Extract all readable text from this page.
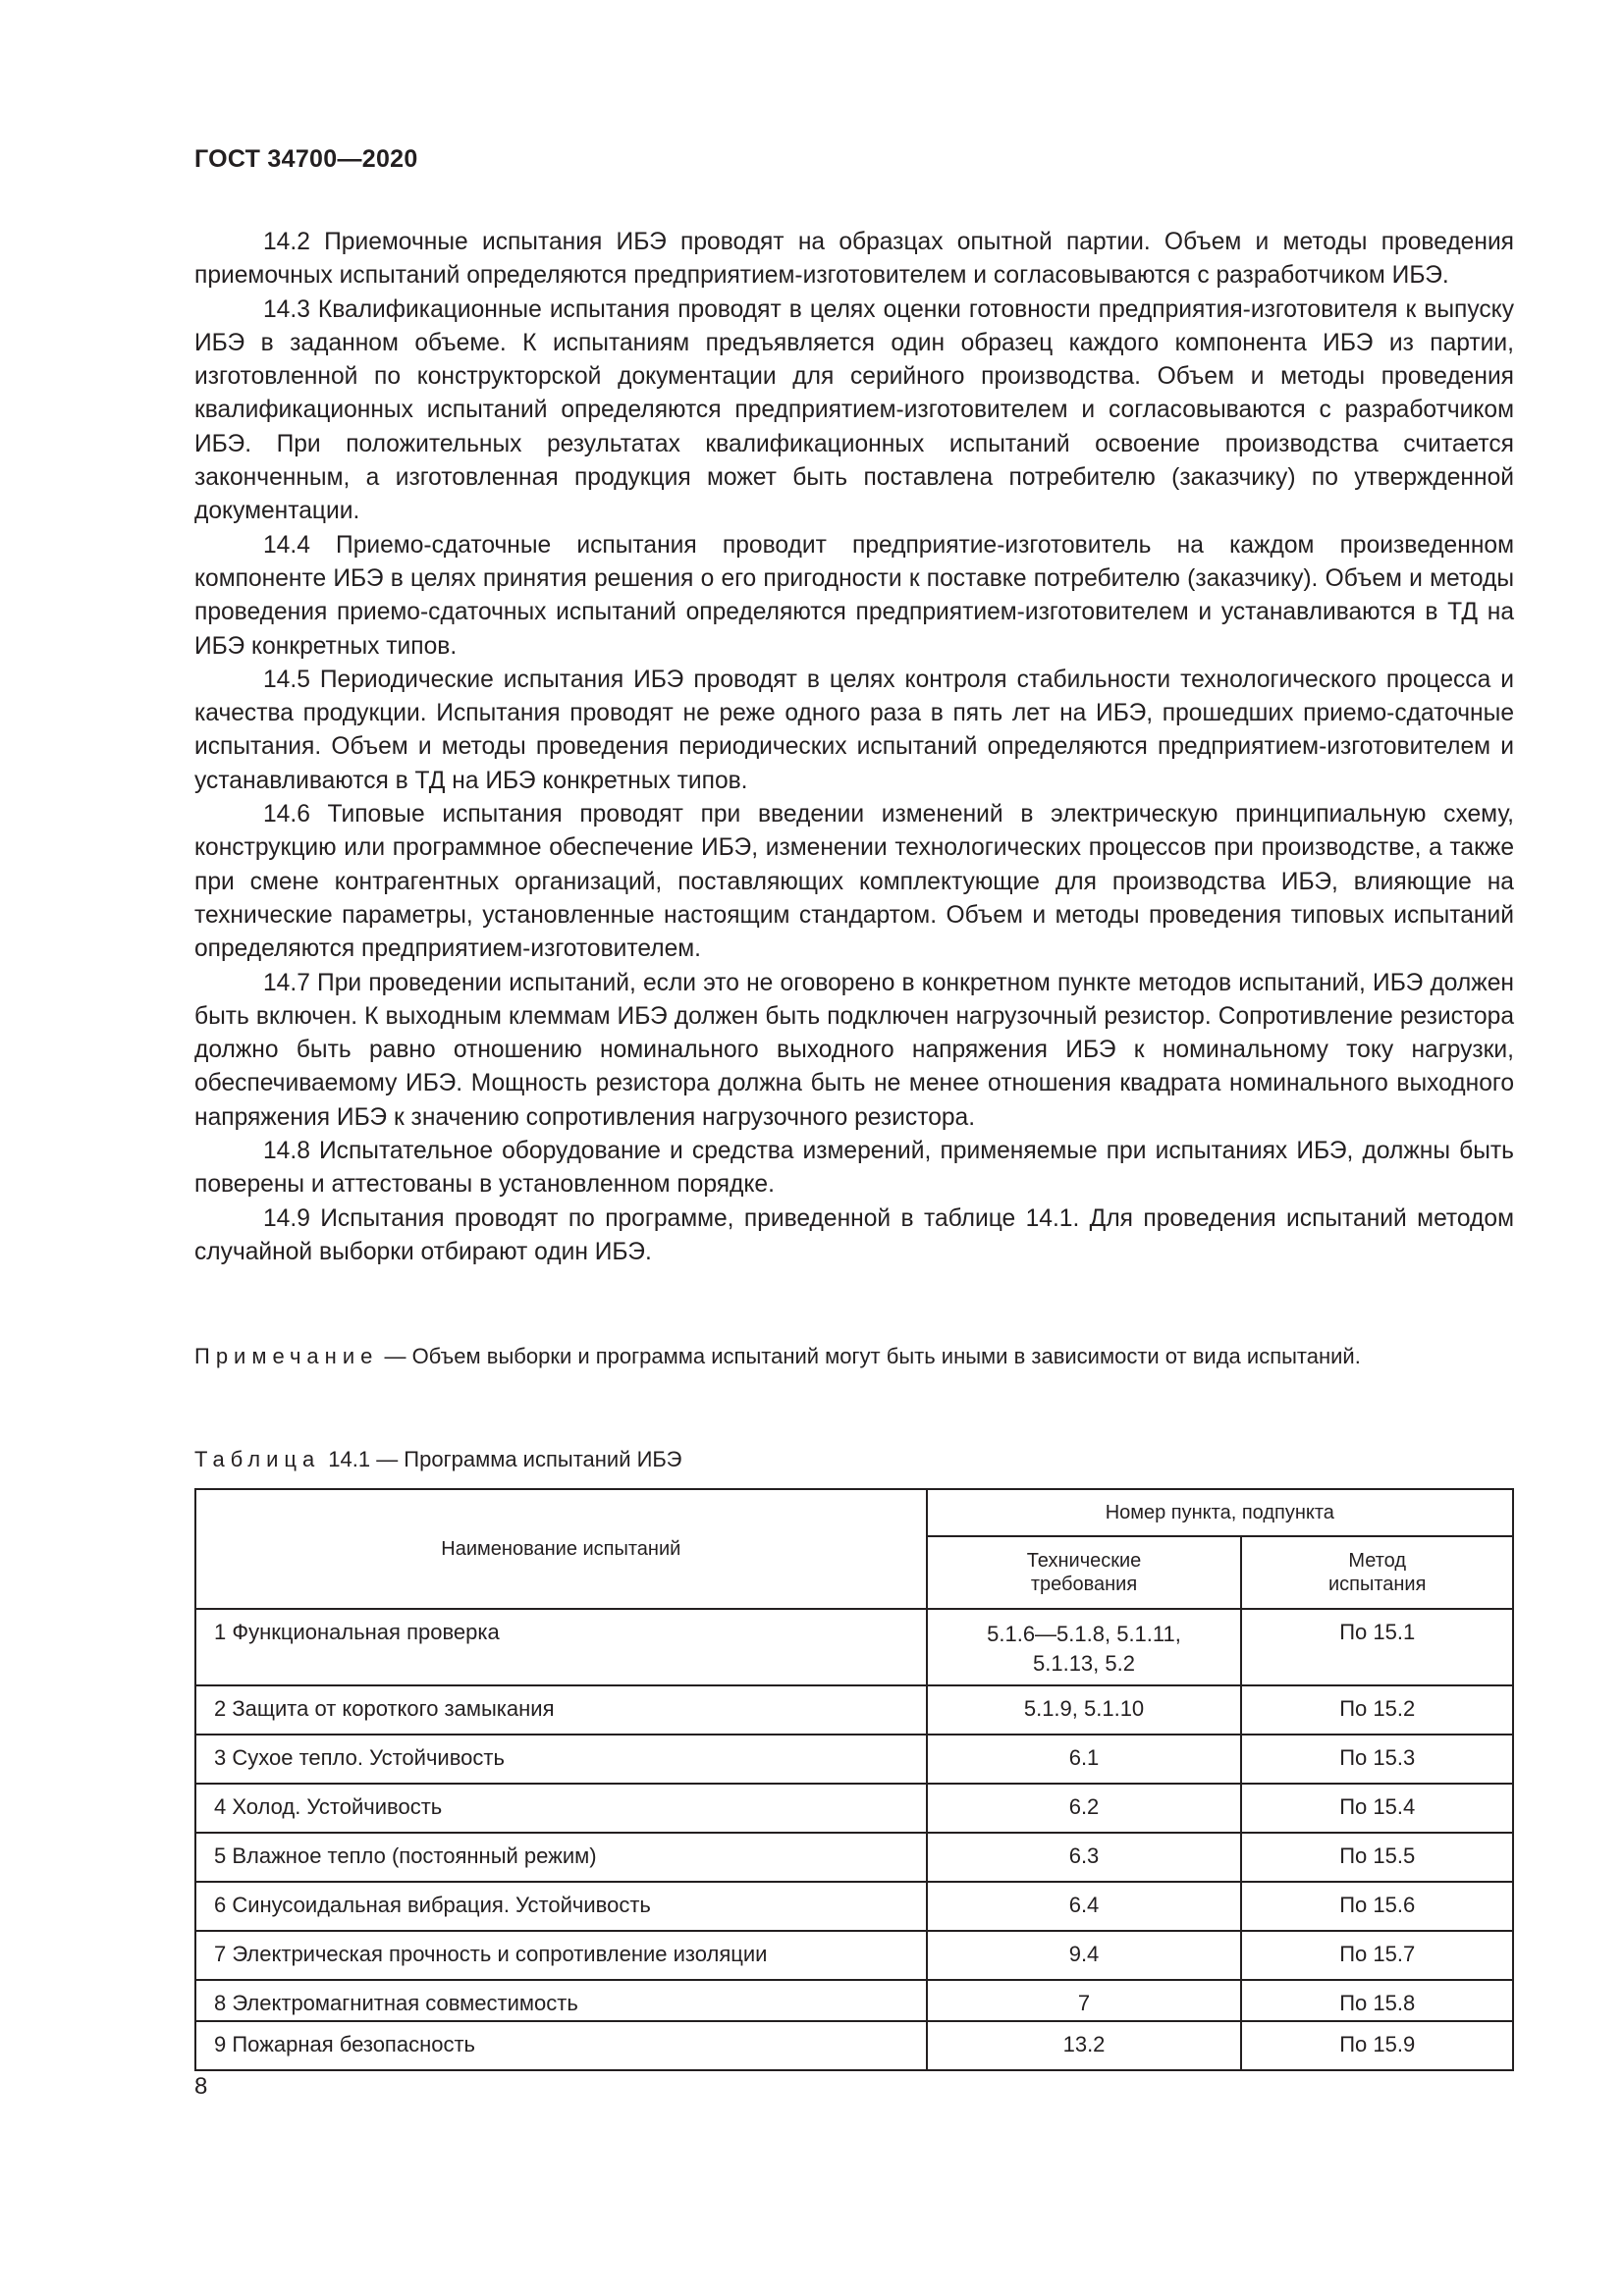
ГОСТ 34700—2020

14.2 Приемочные испытания ИБЭ проводят на образцах опытной партии. Объем и методы проведения приемочных испытаний определяются предприятием-изготовителем и согласовываются с разработчиком ИБЭ.

14.3 Квалификационные испытания проводят в целях оценки готовности предприятия-изготовителя к выпуску ИБЭ в заданном объеме. К испытаниям предъявляется один образец каждого компонента ИБЭ из партии, изготовленной по конструкторской документации для серийного производства. Объем и методы проведения квалификационных испытаний определяются предприятием-изготовителем и согласовываются с разработчиком ИБЭ. При положительных результатах квалификационных испытаний освоение производства считается законченным, а изготовленная продукция может быть поставлена потребителю (заказчику) по утвержденной документации.

14.4 Приемо-сдаточные испытания проводит предприятие-изготовитель на каждом произведенном компоненте ИБЭ в целях принятия решения о его пригодности к поставке потребителю (заказчику). Объем и методы проведения приемо-сдаточных испытаний определяются предприятием-изготовителем и устанавливаются в ТД на ИБЭ конкретных типов.

14.5 Периодические испытания ИБЭ проводят в целях контроля стабильности технологического процесса и качества продукции. Испытания проводят не реже одного раза в пять лет на ИБЭ, прошедших приемо-сдаточные испытания. Объем и методы проведения периодических испытаний определяются предприятием-изготовителем и устанавливаются в ТД на ИБЭ конкретных типов.

14.6 Типовые испытания проводят при введении изменений в электрическую принципиальную схему, конструкцию или программное обеспечение ИБЭ, изменении технологических процессов при производстве, а также при смене контрагентных организаций, поставляющих комплектующие для производства ИБЭ, влияющие на технические параметры, установленные настоящим стандартом. Объем и методы проведения типовых испытаний определяются предприятием-изготовителем.

14.7 При проведении испытаний, если это не оговорено в конкретном пункте методов испытаний, ИБЭ должен быть включен. К выходным клеммам ИБЭ должен быть подключен нагрузочный резистор. Сопротивление резистора должно быть равно отношению номинального выходного напряжения ИБЭ к номинальному току нагрузки, обеспечиваемому ИБЭ. Мощность резистора должна быть не менее отношения квадрата номинального выходного напряжения ИБЭ к значению сопротивления нагрузочного резистора.

14.8 Испытательное оборудование и средства измерений, применяемые при испытаниях ИБЭ, должны быть поверены и аттестованы в установленном порядке.

14.9 Испытания проводят по программе, приведенной в таблице 14.1. Для проведения испытаний методом случайной выборки отбирают один ИБЭ.

Примечание — Объем выборки и программа испытаний могут быть иными в зависимости от вида испытаний.
Таблица 14.1 — Программа испытаний ИБЭ
Наименование испытаний	Номер пункта, подпункта	

	Технические требования	Метод испытания

1 Функциональная проверка	5.1.6—5.1.8, 5.1.11, 5.1.13, 5.2	По 15.1
2 Защита от короткого замыкания	5.1.9, 5.1.10	По 15.2
3 Сухое тепло. Устойчивость	6.1	По 15.3
4 Холод. Устойчивость	6.2	По 15.4
5 Влажное тепло (постоянный режим)	6.3	По 15.5
6 Синусоидальная вибрация. Устойчивость	6.4	По 15.6
7 Электрическая прочность и сопротивление изоляции	9.4	По 15.7
8 Электромагнитная совместимость	7	По 15.8
9 Пожарная безопасность	13.2	По 15.9
8
